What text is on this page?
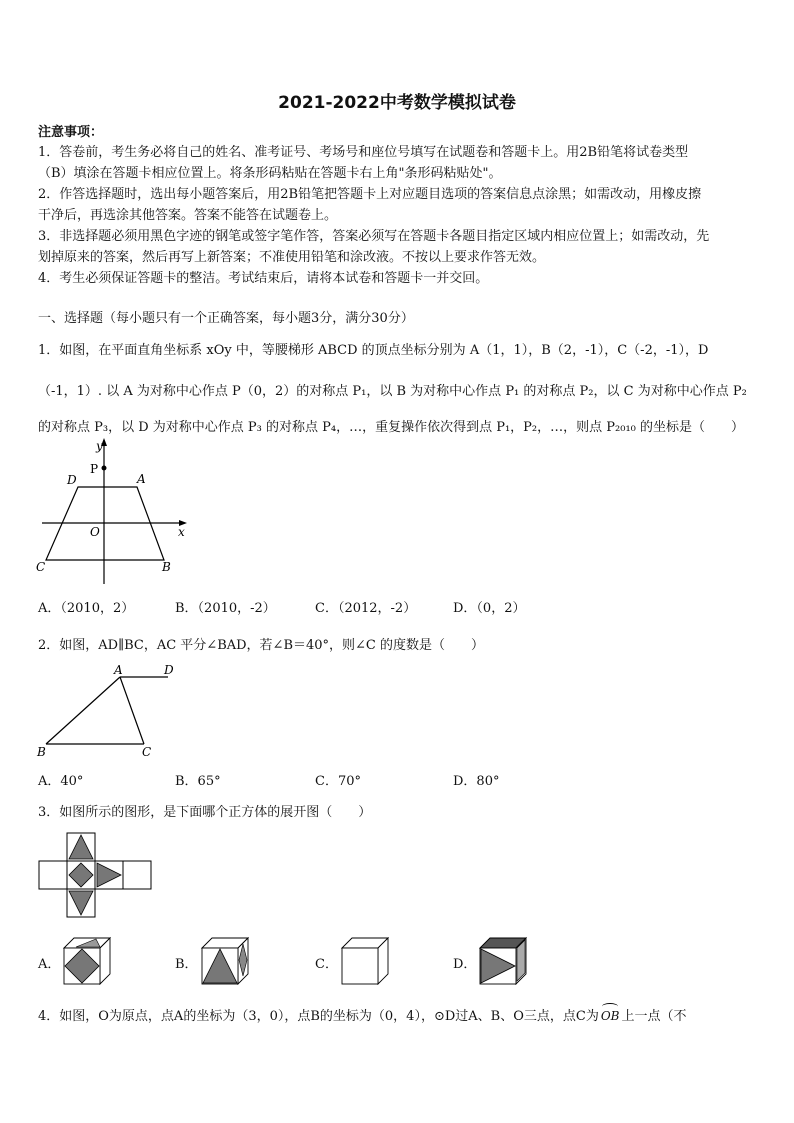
2021-2022中考数学模拟试卷
注意事项：
1．答卷前，考生务必将自己的姓名、准考证号、考场号和座位号填写在试题卷和答题卡上。用2B铅笔将试卷类型
（B）填涂在答题卡相应位置上。将条形码粘贴在答题卡右上角"条形码粘贴处"。
2．作答选择题时，选出每小题答案后，用2B铅笔把答题卡上对应题目选项的答案信息点涂黑；如需改动，用橡皮擦
干净后，再选涂其他答案。答案不能答在试题卷上。
3．非选择题必须用黑色字迹的钢笔或签字笔作答，答案必须写在答题卡各题目指定区域内相应位置上；如需改动，先
划掉原来的答案，然后再写上新答案；不准使用铅笔和涂改液。不按以上要求作答无效。
4．考生必须保证答题卡的整洁。考试结束后，请将本试卷和答题卡一并交回。
一、选择题（每小题只有一个正确答案，每小题3分，满分30分）
1．如图，在平面直角坐标系 xOy 中，等腰梯形 ABCD 的顶点坐标分别为 A（1，1），B（2，-1），C（-2，-1），D
（-1，1）. 以 A 为对称中心作点 P（0，2）的对称点 P₁，以 B 为对称中心作点 P₁ 的对称点 P₂，以 C 为对称中心作点 P₂
的对称点 P₃，以 D 为对称中心作点 P₃ 的对称点 P₄，…，重复操作依次得到点 P₁，P₂，…，则点 P₂₀₁₀ 的坐标是（　　）
y
P
D	A
O	x
C	B
A．（2010，2）	B．（2010，-2）	C．（2012，-2）	D．（0，2）
2．如图，AD∥BC，AC 平分∠BAD，若∠B＝40°，则∠C 的度数是（　　）
A	D
B	C
A．40°	B．65°	C．70°	D．80°
3．如图所示的图形，是下面哪个正方体的展开图（　　）
A．	B．	C．	D．
4．如图，O为原点，点A的坐标为（3，0），点B的坐标为（0，4），⊙D过A、B、O三点，点C为 OB 上一点（不
